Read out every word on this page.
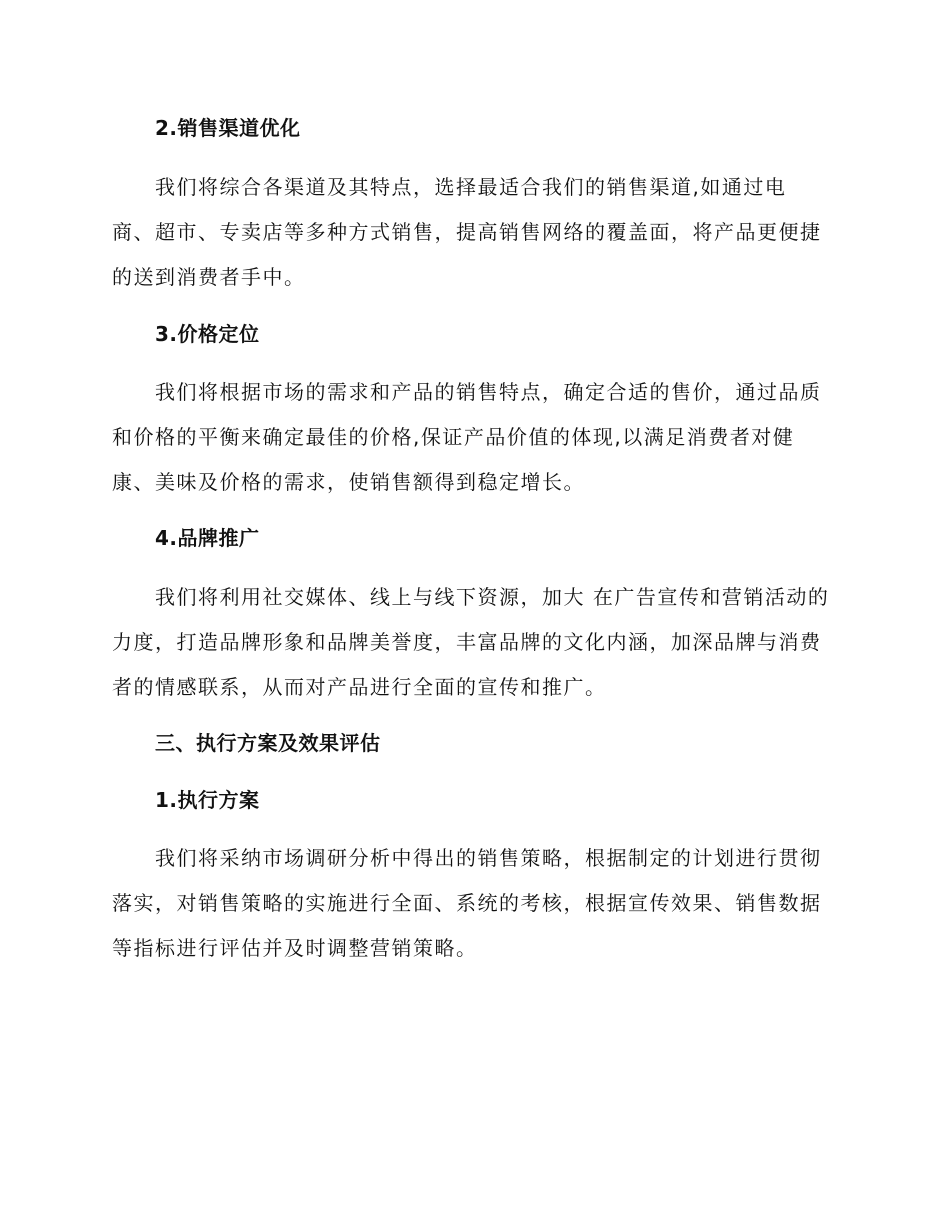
2.销售渠道优化
我们将综合各渠道及其特点，选择最适合我们的销售渠道,如通过电
商、超市、专卖店等多种方式销售，提高销售网络的覆盖面，将产品更便捷
的送到消费者手中。
3.价格定位
我们将根据市场的需求和产品的销售特点，确定合适的售价，通过品质
和价格的平衡来确定最佳的价格,保证产品价值的体现,以满足消费者对健
康、美味及价格的需求，使销售额得到稳定增长。
4.品牌推广
我们将利用社交媒体、线上与线下资源，加大 在广告宣传和营销活动的
力度，打造品牌形象和品牌美誉度，丰富品牌的文化内涵，加深品牌与消费
者的情感联系，从而对产品进行全面的宣传和推广。
三、执行方案及效果评估
1.执行方案
我们将采纳市场调研分析中得出的销售策略，根据制定的计划进行贯彻
落实，对销售策略的实施进行全面、系统的考核，根据宣传效果、销售数据
等指标进行评估并及时调整营销策略。
